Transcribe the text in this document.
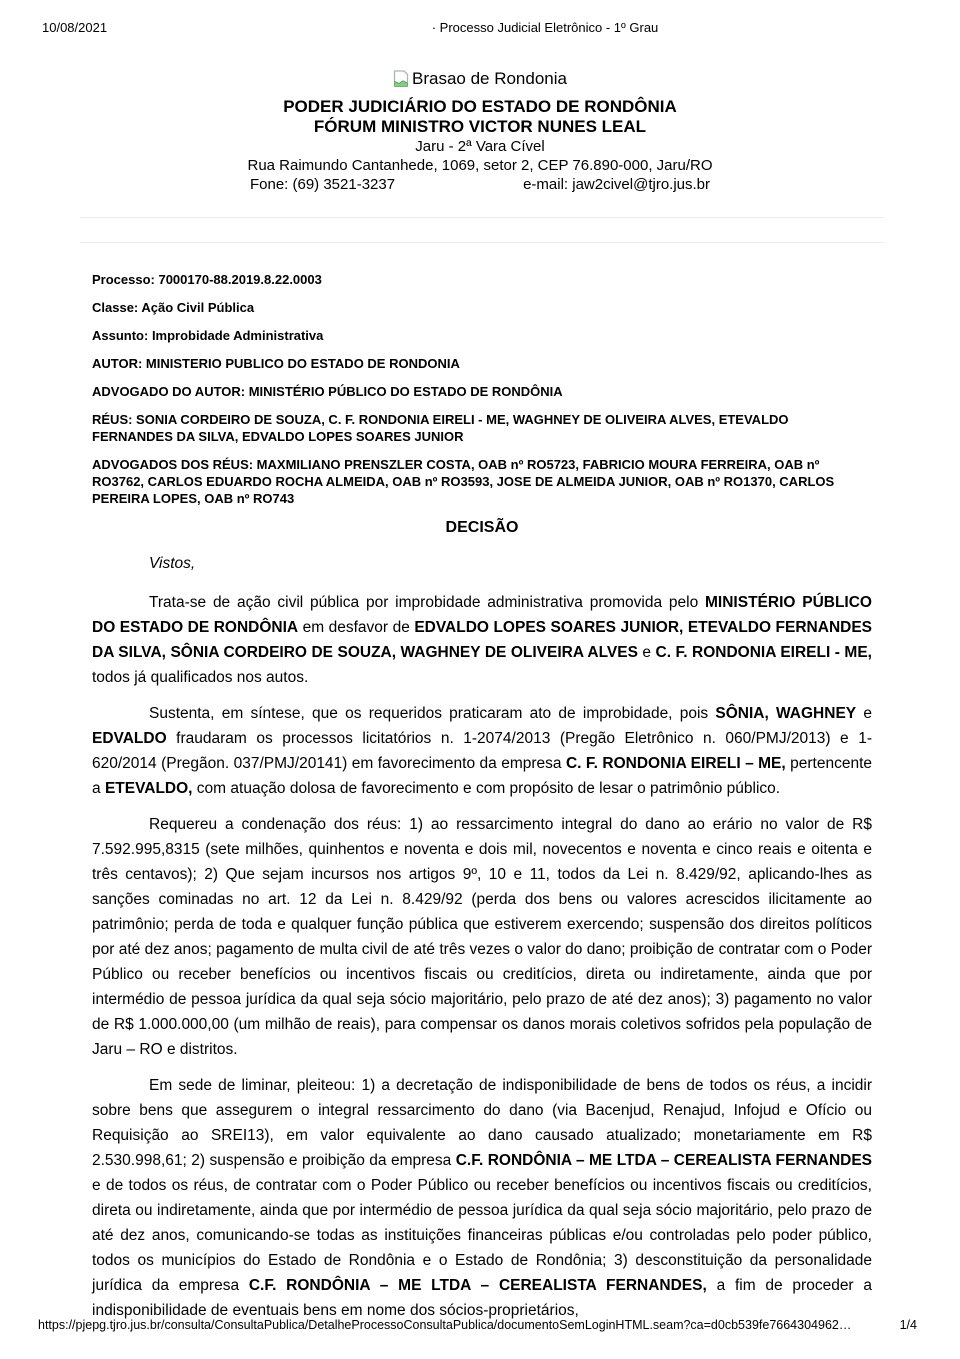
10/08/2021	· Processo Judicial Eletrônico - 1º Grau
Brasao de Rondonia
PODER JUDICIÁRIO DO ESTADO DE RONDÔNIA
FÓRUM MINISTRO VICTOR NUNES LEAL
Jaru - 2ª Vara Cível
Rua Raimundo Cantanhede, 1069, setor 2, CEP 76.890-000, Jaru/RO
Fone: (69) 3521-3237	e-mail: jaw2civel@tjro.jus.br
Processo: 7000170-88.2019.8.22.0003
Classe: Ação Civil Pública
Assunto: Improbidade Administrativa
AUTOR: MINISTERIO PUBLICO DO ESTADO DE RONDONIA
ADVOGADO DO AUTOR: MINISTÉRIO PÚBLICO DO ESTADO DE RONDÔNIA
RÉUS: SONIA CORDEIRO DE SOUZA, C. F. RONDONIA EIRELI - ME, WAGHNEY DE OLIVEIRA ALVES, ETEVALDO FERNANDES DA SILVA, EDVALDO LOPES SOARES JUNIOR
ADVOGADOS DOS RÉUS: MAXMILIANO PRENSZLER COSTA, OAB nº RO5723, FABRICIO MOURA FERREIRA, OAB nº RO3762, CARLOS EDUARDO ROCHA ALMEIDA, OAB nº RO3593, JOSE DE ALMEIDA JUNIOR, OAB nº RO1370, CARLOS PEREIRA LOPES, OAB nº RO743
DECISÃO
Vistos,

Trata-se de ação civil pública por improbidade administrativa promovida pelo MINISTÉRIO PÚBLICO DO ESTADO DE RONDÔNIA em desfavor de EDVALDO LOPES SOARES JUNIOR, ETEVALDO FERNANDES DA SILVA, SÔNIA CORDEIRO DE SOUZA, WAGHNEY DE OLIVEIRA ALVES e C. F. RONDONIA EIRELI - ME, todos já qualificados nos autos.

Sustenta, em síntese, que os requeridos praticaram ato de improbidade, pois SÔNIA, WAGHNEY e EDVALDO fraudaram os processos licitatórios n. 1-2074/2013 (Pregão Eletrônico n. 060/PMJ/2013) e 1-620/2014 (Pregãon. 037/PMJ/20141) em favorecimento da empresa C. F. RONDONIA EIRELI – ME, pertencente a ETEVALDO, com atuação dolosa de favorecimento e com propósito de lesar o patrimônio público.

Requereu a condenação dos réus: 1) ao ressarcimento integral do dano ao erário no valor de R$ 7.592.995,8315 (sete milhões, quinhentos e noventa e dois mil, novecentos e noventa e cinco reais e oitenta e três centavos); 2) Que sejam incursos nos artigos 9º, 10 e 11, todos da Lei n. 8.429/92, aplicando-lhes as sanções cominadas no art. 12 da Lei n. 8.429/92 (perda dos bens ou valores acrescidos ilicitamente ao patrimônio; perda de toda e qualquer função pública que estiverem exercendo; suspensão dos direitos políticos por até dez anos; pagamento de multa civil de até três vezes o valor do dano; proibição de contratar com o Poder Público ou receber benefícios ou incentivos fiscais ou creditícios, direta ou indiretamente, ainda que por intermédio de pessoa jurídica da qual seja sócio majoritário, pelo prazo de até dez anos); 3) pagamento no valor de R$ 1.000.000,00 (um milhão de reais), para compensar os danos morais coletivos sofridos pela população de Jaru – RO e distritos.

Em sede de liminar, pleiteou: 1) a decretação de indisponibilidade de bens de todos os réus, a incidir sobre bens que assegurem o integral ressarcimento do dano (via Bacenjud, Renajud, Infojud e Ofício ou Requisição ao SREI13), em valor equivalente ao dano causado atualizado; monetariamente em R$ 2.530.998,61; 2) suspensão e proibição da empresa C.F. RONDÔNIA – ME LTDA – CEREALISTA FERNANDES e de todos os réus, de contratar com o Poder Público ou receber benefícios ou incentivos fiscais ou creditícios, direta ou indiretamente, ainda que por intermédio de pessoa jurídica da qual seja sócio majoritário, pelo prazo de até dez anos, comunicando-se todas as instituições financeiras públicas e/ou controladas pelo poder público, todos os municípios do Estado de Rondônia e o Estado de Rondônia; 3) desconstituição da personalidade jurídica da empresa C.F. RONDÔNIA – ME LTDA – CEREALISTA FERNANDES, a fim de proceder a indisponibilidade de eventuais bens em nome dos sócios-proprietários,

https://pjepg.tjro.jus.br/consulta/ConsultaPublica/DetalheProcessoConsultaPublica/documentoSemLoginHTML.seam?ca=d0cb539fe7664304962…	1/4
